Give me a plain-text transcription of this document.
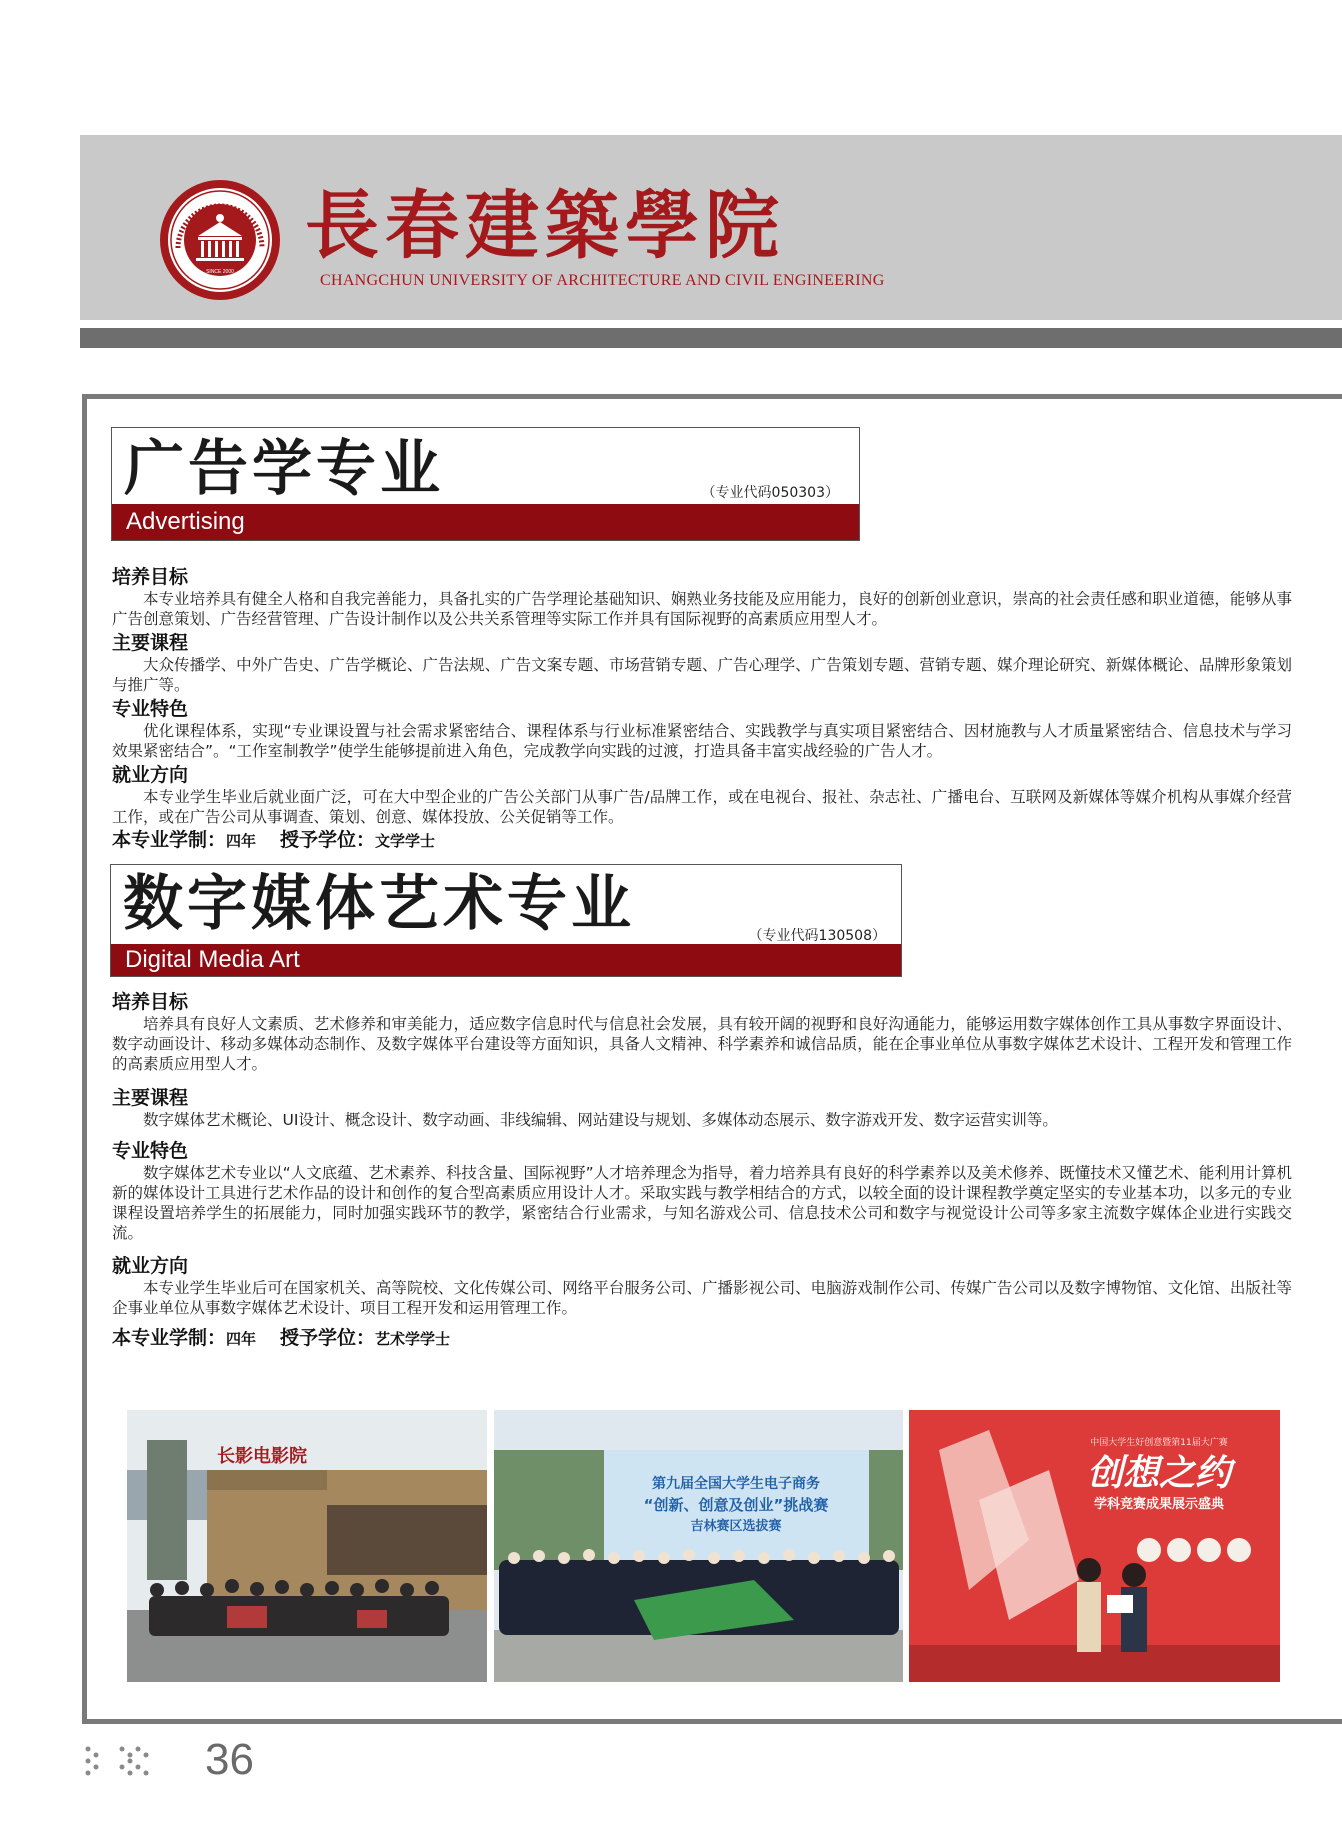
SINCE 2000
長春建築學院
CHANGCHUN UNIVERSITY OF ARCHITECTURE AND CIVIL ENGINEERING
广告学专业	（专业代码050303）
Advertising

培养目标

本专业培养具有健全人格和自我完善能力，具备扎实的广告学理论基础知识、娴熟业务技能及应用能力，良好的创新创业意识，崇高的社会责任感和职业道德，能够从事广告创意策划、广告经营管理、广告设计制作以及公共关系管理等实际工作并具有国际视野的高素质应用型人才。

主要课程

大众传播学、中外广告史、广告学概论、广告法规、广告文案专题、市场营销专题、广告心理学、广告策划专题、营销专题、媒介理论研究、新媒体概论、品牌形象策划与推广等。

专业特色

优化课程体系，实现“专业课设置与社会需求紧密结合、课程体系与行业标准紧密结合、实践教学与真实项目紧密结合、因材施教与人才质量紧密结合、信息技术与学习效果紧密结合”。“工作室制教学”使学生能够提前进入角色，完成教学向实践的过渡，打造具备丰富实战经验的广告人才。

就业方向

本专业学生毕业后就业面广泛，可在大中型企业的广告公关部门从事广告/品牌工作，或在电视台、报社、杂志社、广播电台、互联网及新媒体等媒介机构从事媒介经营工作，或在广告公司从事调查、策划、创意、媒体投放、公关促销等工作。

本专业学制：四年 授予学位：文学学士
数字媒体艺术专业	（专业代码130508）
Digital Media Art

培养目标

培养具有良好人文素质、艺术修养和审美能力，适应数字信息时代与信息社会发展，具有较开阔的视野和良好沟通能力，能够运用数字媒体创作工具从事数字界面设计、数字动画设计、移动多媒体动态制作、及数字媒体平台建设等方面知识，具备人文精神、科学素养和诚信品质，能在企事业单位从事数字媒体艺术设计、工程开发和管理工作的高素质应用型人才。

主要课程

数字媒体艺术概论、UI设计、概念设计、数字动画、非线编辑、网站建设与规划、多媒体动态展示、数字游戏开发、数字运营实训等。

专业特色

数字媒体艺术专业以“人文底蕴、艺术素养、科技含量、国际视野”人才培养理念为指导，着力培养具有良好的科学素养以及美术修养、既懂技术又懂艺术、能利用计算机新的媒体设计工具进行艺术作品的设计和创作的复合型高素质应用设计人才。采取实践与教学相结合的方式，以较全面的设计课程教学奠定坚实的专业基本功，以多元的专业课程设置培养学生的拓展能力，同时加强实践环节的教学，紧密结合行业需求，与知名游戏公司、信息技术公司和数字与视觉设计公司等多家主流数字媒体企业进行实践交流。

就业方向

本专业学生毕业后可在国家机关、高等院校、文化传媒公司、网络平台服务公司、广播影视公司、电脑游戏制作公司、传媒广告公司以及数字博物馆、文化馆、出版社等企事业单位从事数字媒体艺术设计、项目工程开发和运用管理工作。

本专业学制：四年 授予学位：艺术学学士
长影电影院
第九届全国大学生电子商务
“创新、创意及创业”挑战赛
吉林赛区选拔赛
中国大学生好创意暨第11届大广赛
创想之约
学科竞赛成果展示盛典
36
